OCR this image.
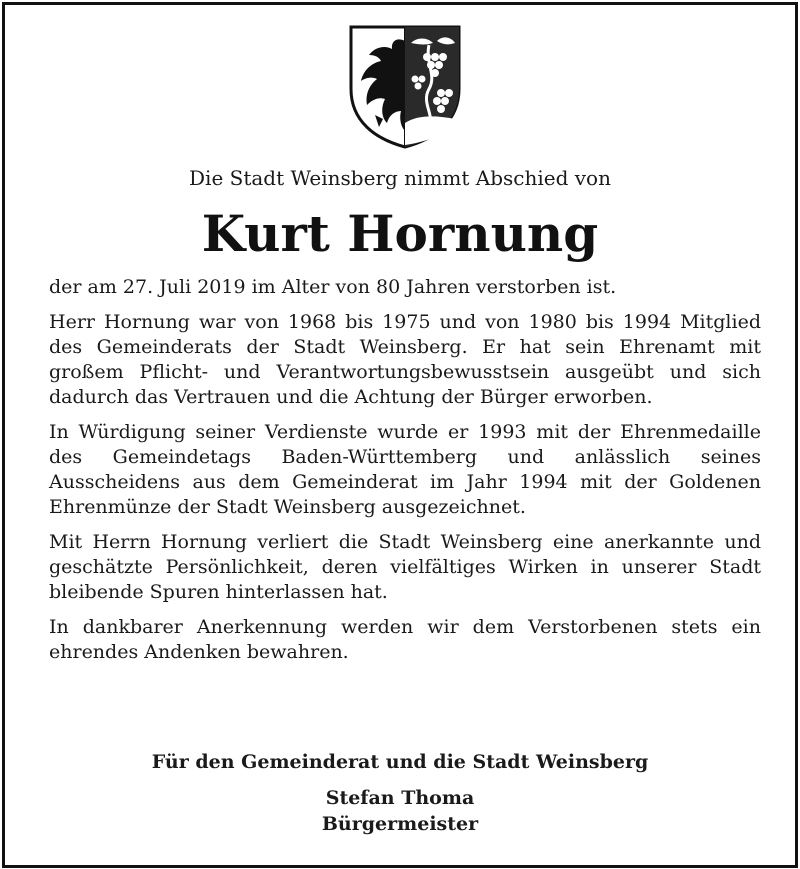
Die Stadt Weinsberg nimmt Abschied von
Kurt Hornung

der am 27. Juli 2019 im Alter von 80 Jahren verstorben ist.

Herr Hornung war von 1968 bis 1975 und von 1980 bis 1994 Mitglied des Gemeinderats der Stadt Weinsberg. Er hat sein Ehrenamt mit großem Pflicht- und Verantwortungsbewusstsein ausgeübt und sich dadurch das Vertrauen und die Achtung der Bürger erworben.

In Würdigung seiner Verdienste wurde er 1993 mit der Ehrenmedaille des Gemeindetags Baden-Württemberg und anlässlich seines Ausscheidens aus dem Gemeinderat im Jahr 1994 mit der Goldenen Ehrenmünze der Stadt Weinsberg ausgezeichnet.

Mit Herrn Hornung verliert die Stadt Weinsberg eine anerkannte und geschätzte Persönlichkeit, deren vielfältiges Wirken in unserer Stadt bleibende Spuren hinterlassen hat.

In dankbarer Anerkennung werden wir dem Verstorbenen stets ein ehrendes Andenken bewahren.

Für den Gemeinderat und die Stadt Weinsberg
Stefan Thoma
Bürgermeister
